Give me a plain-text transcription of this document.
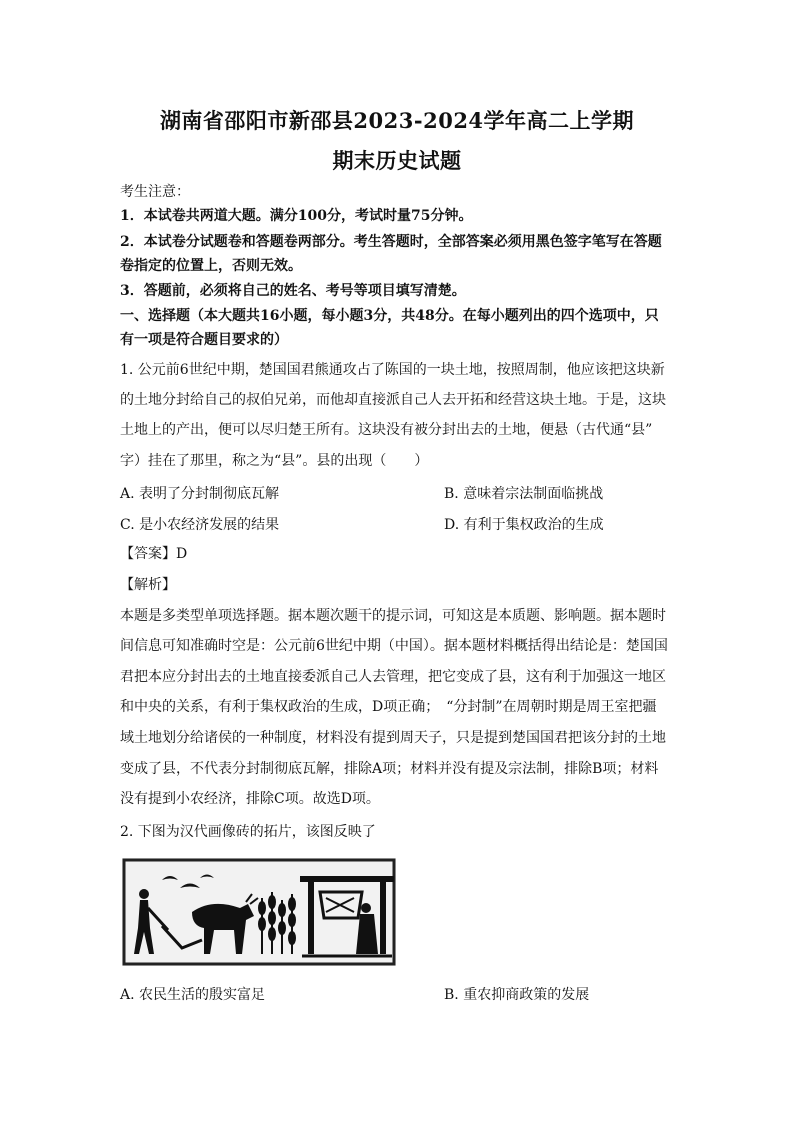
湖南省邵阳市新邵县2023-2024学年高二上学期
期末历史试题
考生注意：
1．本试卷共两道大题。满分100分，考试时量75分钟。
2．本试卷分试题卷和答题卷两部分。考生答题时，全部答案必须用黑色签字笔写在答题
卷指定的位置上，否则无效。
3．答题前，必须将自己的姓名、考号等项目填写清楚。
一、选择题（本大题共16小题，每小题3分，共48分。在每小题列出的四个选项中，只
有一项是符合题目要求的）
1. 公元前6世纪中期，楚国国君熊通攻占了陈国的一块土地，按照周制，他应该把这块新
的土地分封给自己的叔伯兄弟，而他却直接派自己人去开拓和经营这块土地。于是，这块
土地上的产出，便可以尽归楚王所有。这块没有被分封出去的土地，便悬（古代通“县”
字）挂在了那里，称之为“县”。县的出现（　　）
A. 表明了分封制彻底瓦解	B. 意味着宗法制面临挑战
C. 是小农经济发展的结果	D. 有利于集权政治的生成
【答案】D
【解析】
本题是多类型单项选择题。据本题次题干的提示词，可知这是本质题、影响题。据本题时
间信息可知准确时空是：公元前6世纪中期（中国）。据本题材料概括得出结论是：楚国国
君把本应分封出去的土地直接委派自己人去管理，把它变成了县，这有利于加强这一地区
和中央的关系，有利于集权政治的生成，D项正确；　“分封制”在周朝时期是周王室把疆
域土地划分给诸侯的一种制度，材料没有提到周天子，只是提到楚国国君把该分封的土地
变成了县，不代表分封制彻底瓦解，排除A项；材料并没有提及宗法制，排除B项；材料
没有提到小农经济，排除C项。故选D项。
2. 下图为汉代画像砖的拓片，该图反映了
A. 农民生活的殷实富足	B. 重农抑商政策的发展
